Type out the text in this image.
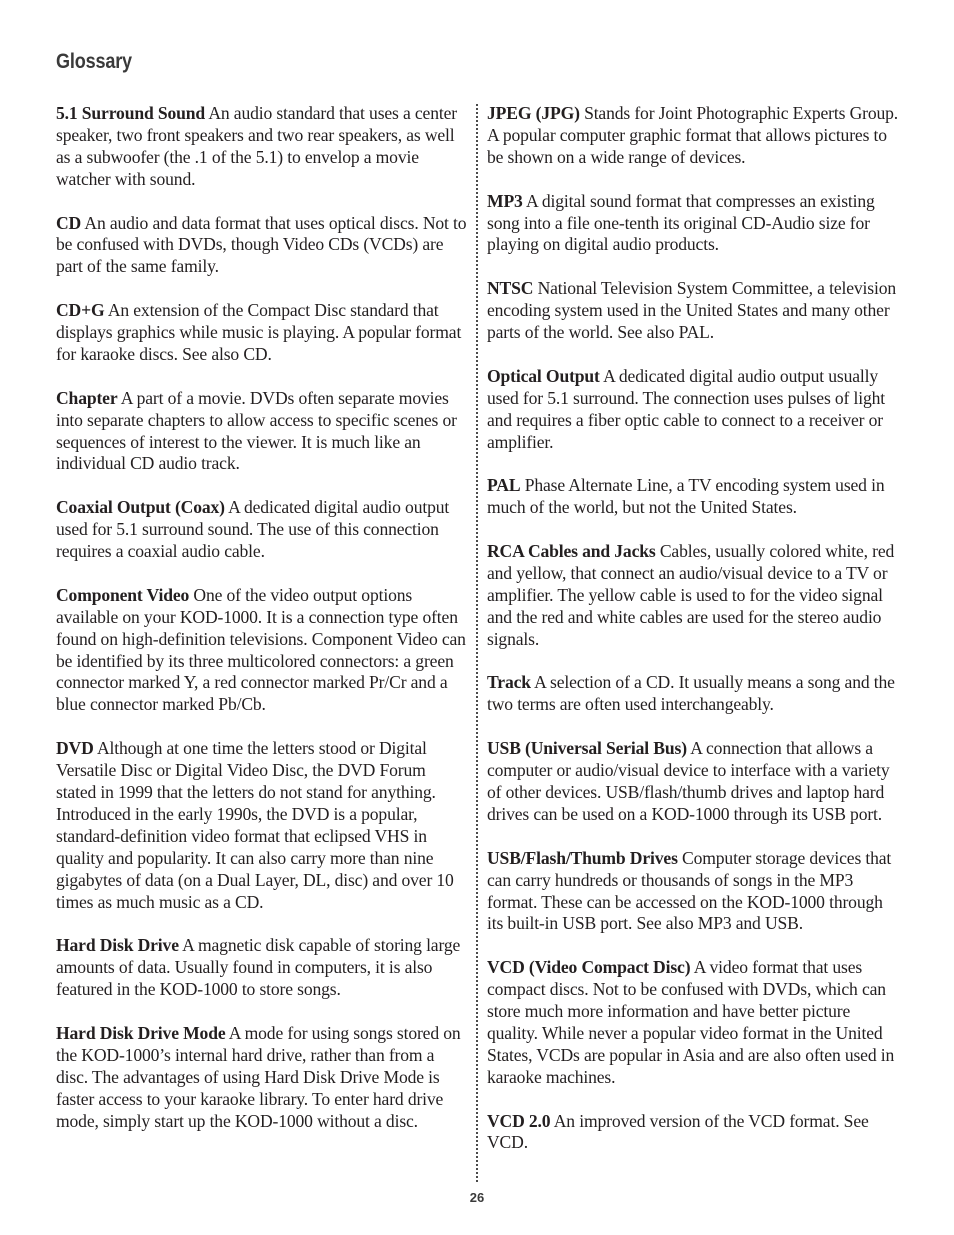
Glossary

5.1 Surround Sound An audio standard that uses a center speaker, two front speakers and two rear speakers, as well as a subwoofer (the .1 of the 5.1) to envelop a movie watcher with sound.

CD An audio and data format that uses optical discs. Not to be confused with DVDs, though Video CDs (VCDs) are part of the same family.

CD+G An extension of the Compact Disc standard that displays graphics while music is playing. A popular format for karaoke discs. See also CD.

Chapter A part of a movie. DVDs often separate movies into separate chapters to allow access to specific scenes or sequences of interest to the viewer. It is much like an individual CD audio track.

Coaxial Output (Coax) A dedicated digital audio output used for 5.1 surround sound. The use of this connection requires a coaxial audio cable.

Component Video One of the video output options available on your KOD-1000. It is a connection type often found on high-definition televisions. Component Video can be identified by its three multicolored connectors: a green connector marked Y, a red connector marked Pr/Cr and a blue connector marked Pb/Cb.

DVD Although at one time the letters stood or Digital Versatile Disc or Digital Video Disc, the DVD Forum stated in 1999 that the letters do not stand for anything. Introduced in the early 1990s, the DVD is a popular, standard-definition video format that eclipsed VHS in quality and popularity. It can also carry more than nine gigabytes of data (on a Dual Layer, DL, disc) and over 10 times as much music as a CD.

Hard Disk Drive A magnetic disk capable of storing large amounts of data. Usually found in computers, it is also featured in the KOD-1000 to store songs.

Hard Disk Drive Mode A mode for using songs stored on the KOD-1000’s internal hard drive, rather than from a disc. The advantages of using Hard Disk Drive Mode is faster access to your karaoke library. To enter hard drive mode, simply start up the KOD-1000 without a disc.

JPEG (JPG) Stands for Joint Photographic Experts Group. A popular computer graphic format that allows pictures to be shown on a wide range of devices.

MP3 A digital sound format that compresses an existing song into a file one-tenth its original CD-Audio size for playing on digital audio products.

NTSC National Television System Committee, a television encoding system used in the United States and many other parts of the world. See also PAL.

Optical Output A dedicated digital audio output usually used for 5.1 surround. The connection uses pulses of light and requires a fiber optic cable to connect to a receiver or amplifier.

PAL Phase Alternate Line, a TV encoding system used in much of the world, but not the United States.

RCA Cables and Jacks Cables, usually colored white, red and yellow, that connect an audio/visual device to a TV or amplifier. The yellow cable is used to for the video signal and the red and white cables are used for the stereo audio signals.

Track A selection of a CD. It usually means a song and the two terms are often used interchangeably.

USB (Universal Serial Bus) A connection that allows a computer or audio/visual device to interface with a variety of other devices. USB/flash/thumb drives and laptop hard drives can be used on a KOD-1000 through its USB port.

USB/Flash/Thumb Drives Computer storage devices that can carry hundreds or thousands of songs in the MP3 format. These can be accessed on the KOD-1000 through its built-in USB port. See also MP3 and USB.

VCD (Video Compact Disc) A video format that uses compact discs. Not to be confused with DVDs, which can store much more information and have better picture quality. While never a popular video format in the United States, VCDs are popular in Asia and are also often used in karaoke machines.

VCD 2.0 An improved version of the VCD format. See VCD.

26
